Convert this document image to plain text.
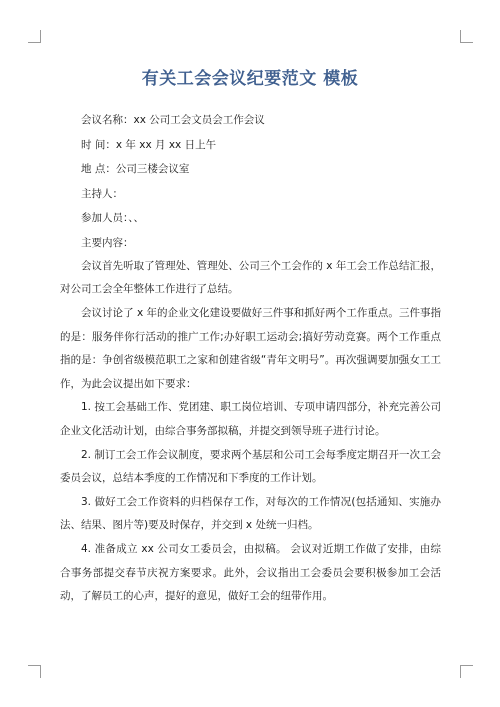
有关工会会议纪要范文 模板
会议名称：xx 公司工会文员会工作会议
时 间：x 年 xx 月 xx 日上午
地 点：公司三楼会议室
主持人：
参加人员：、、
主要内容：

会议首先听取了管理处、管理处、公司三个工会作的 x 年工会工作总结汇报，对公司工会全年整体工作进行了总结。

会议讨论了 x 年的企业文化建设要做好三件事和抓好两个工作重点。三件事指的是：服务伴你行活动的推广工作;办好职工运动会;搞好劳动竞赛。两个工作重点指的是：争创省级模范职工之家和创建省级“青年文明号”。再次强调要加强女工工作，为此会议提出如下要求：

1. 按工会基础工作、党团建、职工岗位培训、专项申请四部分，补充完善公司企业文化活动计划，由综合事务部拟稿，并提交到领导班子进行讨论。

2. 制订工会工作会议制度，要求两个基层和公司工会每季度定期召开一次工会委员会议，总结本季度的工作情况和下季度的工作计划。

3. 做好工会工作资料的归档保存工作，对每次的工作情况(包括通知、实施办法、结果、图片等)要及时保存，并交到 x 处统一归档。

4. 准备成立 xx 公司女工委员会，由拟稿。 会议对近期工作做了安排，由综合事务部提交春节庆祝方案要求。此外，会议指出工会委员会要积极参加工会活动，了解员工的心声，提好的意见，做好工会的纽带作用。
